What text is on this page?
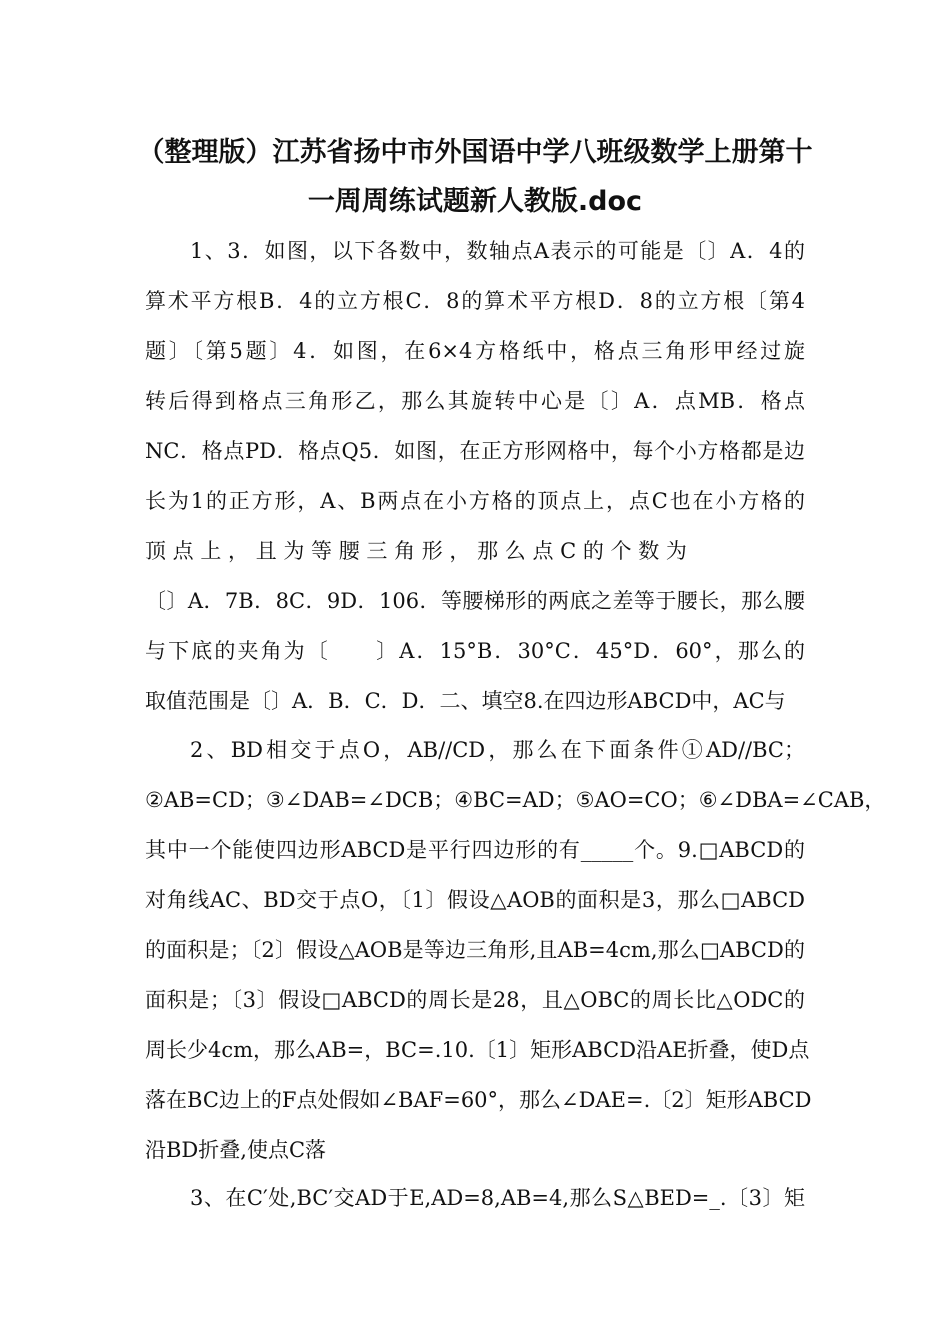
（整理版）江苏省扬中市外国语中学八班级数学上册第十
一周周练试题新人教版.doc
1、3．如图，以下各数中，数轴点A表示的可能是〔〕A．4的
算术平方根B．4的立方根C．8的算术平方根D．8的立方根〔第4
题〕〔第5题〕4．如图，在6×4方格纸中，格点三角形甲经过旋
转后得到格点三角形乙，那么其旋转中心是〔〕A．点MB．格点
NC．格点PD．格点Q5．如图，在正方形网格中，每个小方格都是边
长为1的正方形，A、B两点在小方格的顶点上，点C也在小方格的
顶 点 上 ， 且 为 等 腰 三 角 形 ， 那 么 点 C 的 个 数 为
〔〕A．7B．8C．9D．106．等腰梯形的两底之差等于腰长，那么腰
与下底的夹角为〔　　〕A．15°B．30°C．45°D．60°，那么的
取值范围是〔〕A．B．C．D．二、填空8.在四边形ABCD中，AC与
2、BD相交于点O，AB//CD，那么在下面条件①AD//BC；
②AB=CD；③∠DAB=∠DCB；④BC=AD；⑤AO=CO；⑥∠DBA=∠CAB，
其中一个能使四边形ABCD是平行四边形的有_____个。9.□ABCD的
对角线AC、BD交于点O，〔1〕假设△AOB的面积是3，那么□ABCD
的面积是；〔2〕假设△AOB是等边三角形,且AB=4cm,那么□ABCD的
面积是；〔3〕假设□ABCD的周长是28，且△OBC的周长比△ODC的
周长少4cm，那么AB=，BC=.10.〔1〕矩形ABCD沿AE折叠，使D点
落在BC边上的F点处假如∠BAF=60°，那么∠DAE=.〔2〕矩形ABCD
沿BD折叠,使点C落
3、在C′处,BC′交AD于E,AD=8,AB=4,那么S△BED=_.〔3〕矩
